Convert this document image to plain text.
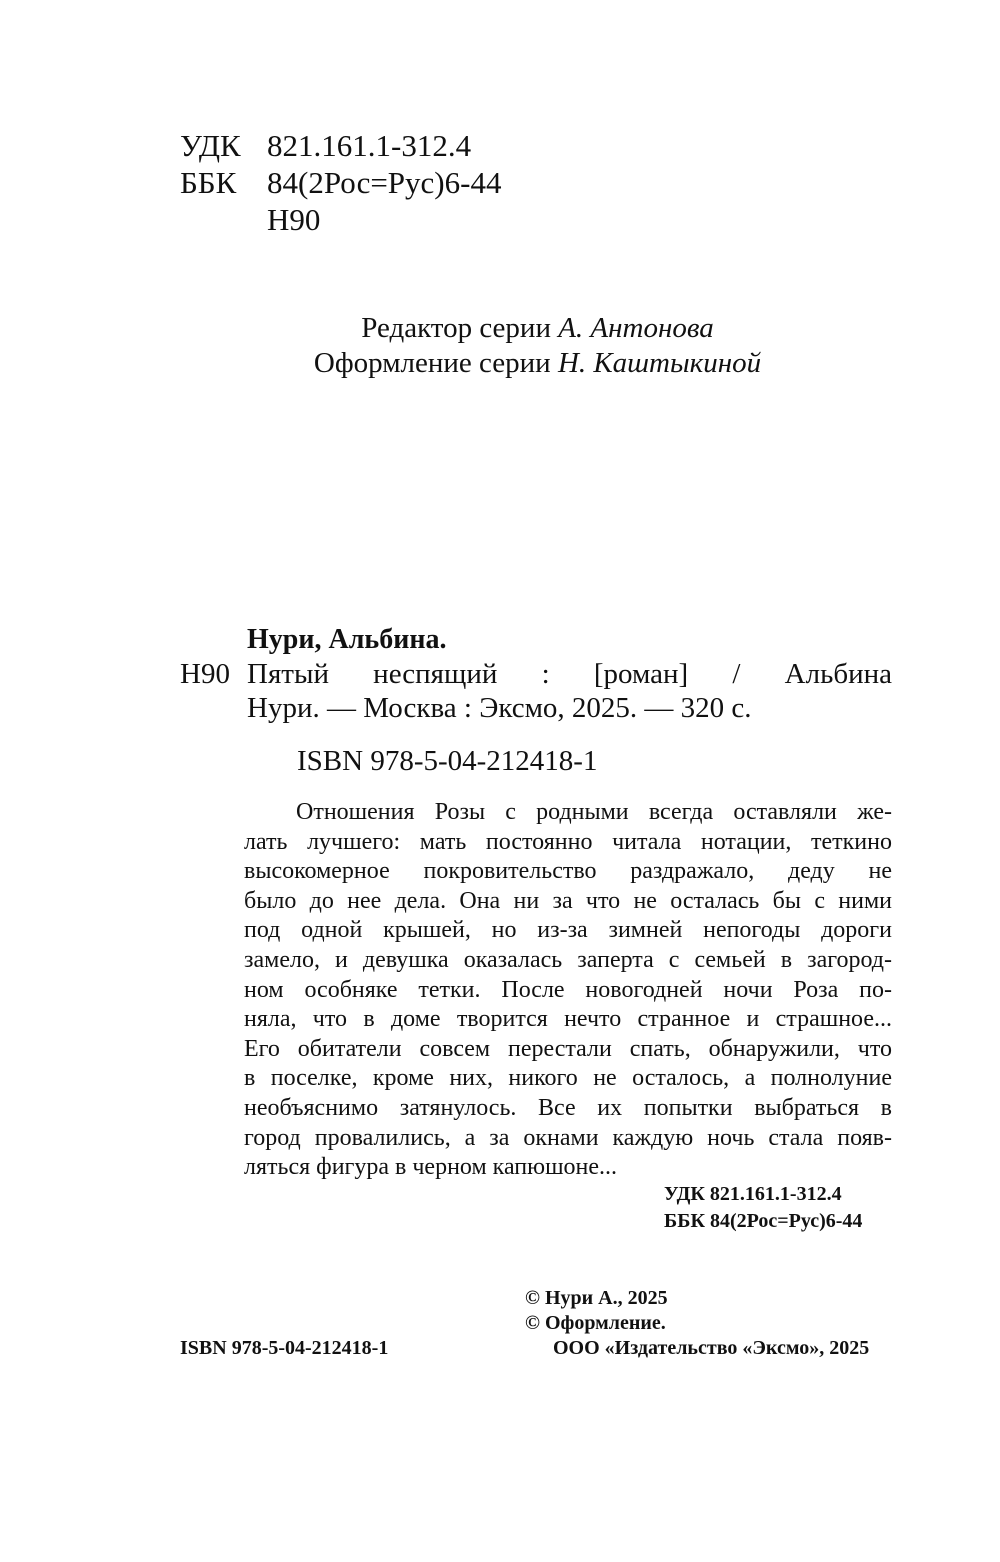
УДК 821.161.1-312.4
ББК 84(2Рос=Рус)6-44
Н90
Редактор серии А. Антонова
Оформление серии Н. Каштыкиной
Нури, Альбина.
Н90 Пятый неспящий : [роман] / Альбина
Нури. — Москва : Эксмо, 2025. — 320 с.
ISBN 978-5-04-212418-1
Отношения Розы с родными всегда оставляли же-
лать лучшего: мать постоянно читала нотации, теткино
высокомерное покровительство раздражало, деду не
было до нее дела. Она ни за что не осталась бы с ними
под одной крышей, но из-за зимней непогоды дороги
замело, и девушка оказалась заперта с семьей в загород-
ном особняке тетки. После новогодней ночи Роза по-
няла, что в доме творится нечто странное и страшное...
Его обитатели совсем перестали спать, обнаружили, что
в поселке, кроме них, никого не осталось, а полнолуние
необъяснимо затянулось. Все их попытки выбраться в
город провалились, а за окнами каждую ночь стала появ-
ляться фигура в черном капюшоне...
УДК 821.161.1-312.4
ББК 84(2Рос=Рус)6-44
© Нури А., 2025
© Оформление.
ООО «Издательство «Эксмо», 2025
ISBN 978-5-04-212418-1
